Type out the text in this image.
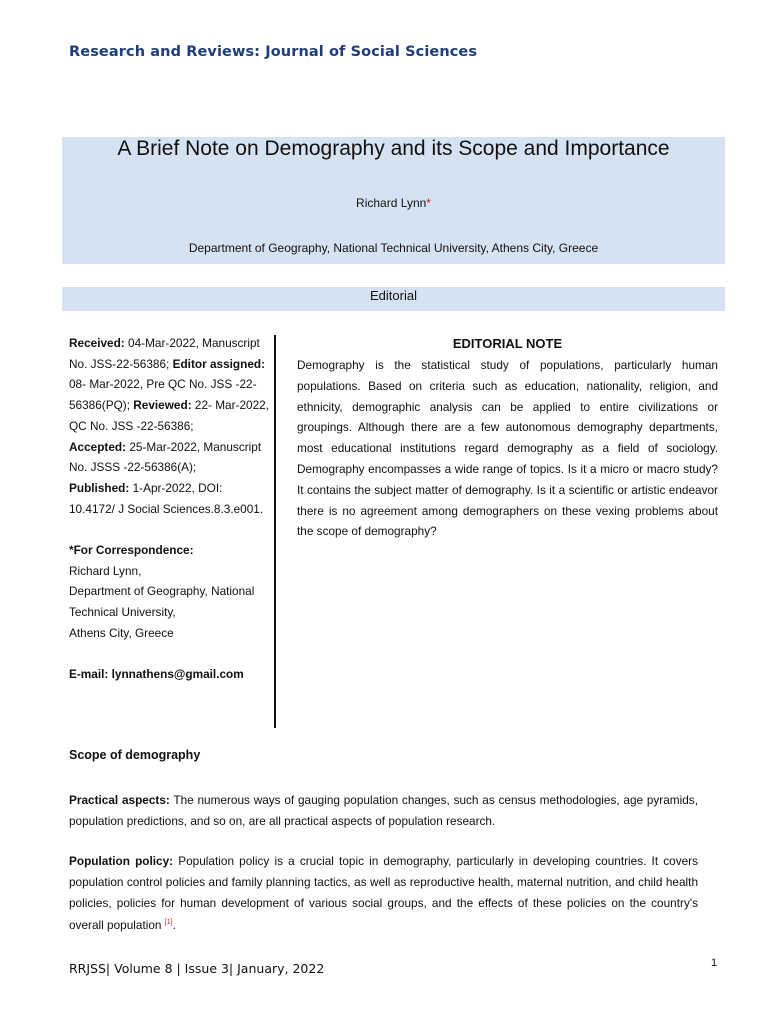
Research and Reviews: Journal of Social Sciences
A Brief Note on Demography and its Scope and Importance
Richard Lynn*
Department of Geography, National Technical University, Athens City, Greece
Editorial
Received: 04-Mar-2022, Manuscript No. JSS-22-56386; Editor assigned: 08- Mar-2022, Pre QC No. JSS -22-56386(PQ); Reviewed: 22- Mar-2022, QC No. JSS -22-56386;
Accepted: 25-Mar-2022, Manuscript No. JSSS -22-56386(A);
Published: 1-Apr-2022, DOI: 10.4172/ J Social Sciences.8.3.e001.
*For Correspondence:
Richard Lynn,
Department of Geography, National Technical University,
Athens City, Greece
E-mail: lynnathens@gmail.com
EDITORIAL NOTE
Demography is the statistical study of populations, particularly human populations. Based on criteria such as education, nationality, religion, and ethnicity, demographic analysis can be applied to entire civilizations or groupings. Although there are a few autonomous demography departments, most educational institutions regard demography as a field of sociology. Demography encompasses a wide range of topics. Is it a micro or macro study? It contains the subject matter of demography. Is it a scientific or artistic endeavor there is no agreement among demographers on these vexing problems about the scope of demography?
Scope of demography
Practical aspects: The numerous ways of gauging population changes, such as census methodologies, age pyramids, population predictions, and so on, are all practical aspects of population research.
Population policy: Population policy is a crucial topic in demography, particularly in developing countries. It covers population control policies and family planning tactics, as well as reproductive health, maternal nutrition, and child health policies, policies for human development of various social groups, and the effects of these policies on the country's overall population [1].
RRJSS| Volume 8 | Issue 3| January, 2022	1
